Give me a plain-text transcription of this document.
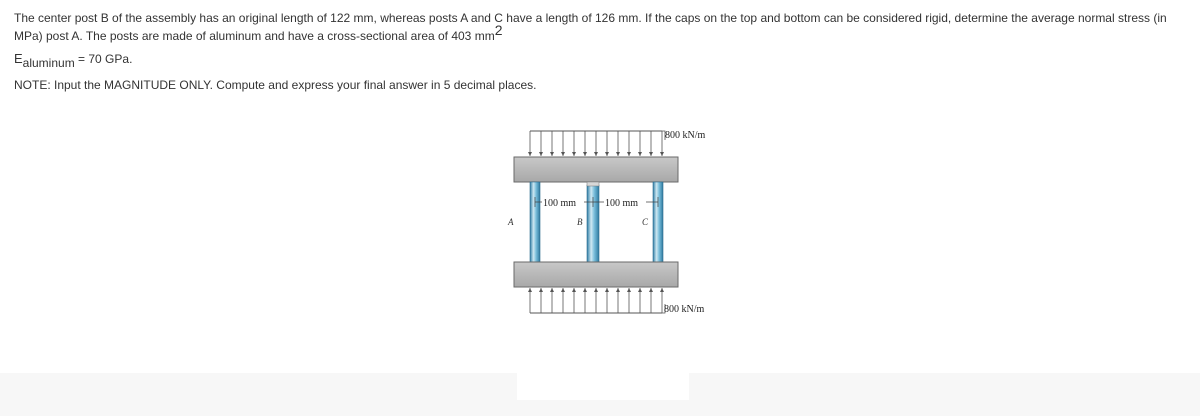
The center post B of the assembly has an original length of 122 mm, whereas posts A and C have a length of 126 mm. If the caps on the top and bottom can be considered rigid, determine the average normal stress (in MPa) post A. The posts are made of aluminum and have a cross-sectional area of 403 mm2

Ealuminum = 70 GPa.
NOTE: Input the MAGNITUDE ONLY. Compute and express your final answer in 5 decimal places.
800 kN/m
100 mm	100 mm
A	B	C
800 kN/m
